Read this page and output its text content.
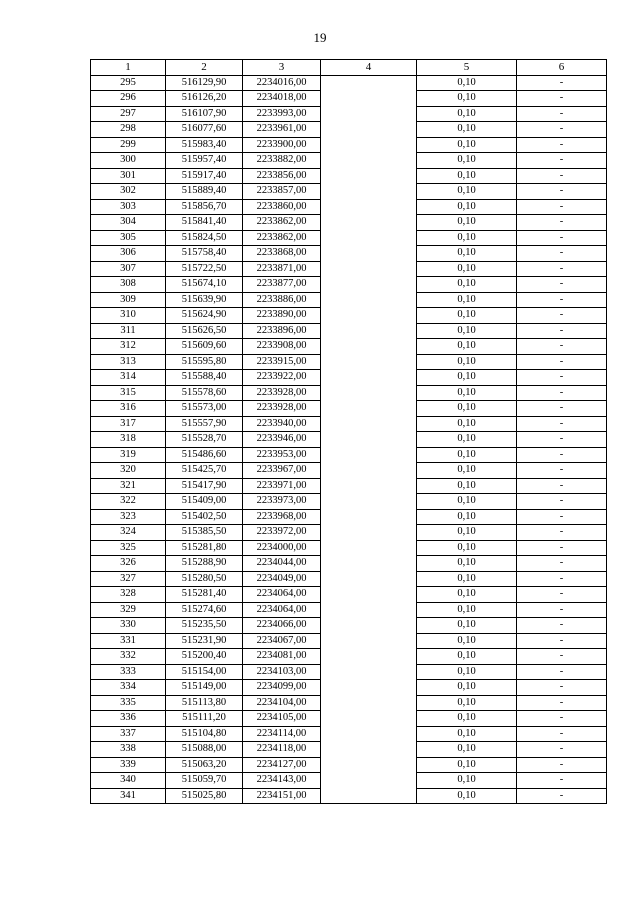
19
1	2	3	4	5	6
295	516129,90	2234016,00		0,10	-
296	516126,20	2234018,00		0,10	-
297	516107,90	2233993,00		0,10	-
298	516077,60	2233961,00		0,10	-
299	515983,40	2233900,00		0,10	-
300	515957,40	2233882,00		0,10	-
301	515917,40	2233856,00		0,10	-
302	515889,40	2233857,00		0,10	-
303	515856,70	2233860,00		0,10	-
304	515841,40	2233862,00		0,10	-
305	515824,50	2233862,00		0,10	-
306	515758,40	2233868,00		0,10	-
307	515722,50	2233871,00		0,10	-
308	515674,10	2233877,00		0,10	-
309	515639,90	2233886,00		0,10	-
310	515624,90	2233890,00		0,10	-
311	515626,50	2233896,00		0,10	-
312	515609,60	2233908,00		0,10	-
313	515595,80	2233915,00		0,10	-
314	515588,40	2233922,00		0,10	-
315	515578,60	2233928,00		0,10	-
316	515573,00	2233928,00		0,10	-
317	515557,90	2233940,00		0,10	-
318	515528,70	2233946,00		0,10	-
319	515486,60	2233953,00		0,10	-
320	515425,70	2233967,00		0,10	-
321	515417,90	2233971,00		0,10	-
322	515409,00	2233973,00		0,10	-
323	515402,50	2233968,00		0,10	-
324	515385,50	2233972,00		0,10	-
325	515281,80	2234000,00		0,10	-
326	515288,90	2234044,00		0,10	-
327	515280,50	2234049,00		0,10	-
328	515281,40	2234064,00		0,10	-
329	515274,60	2234064,00		0,10	-
330	515235,50	2234066,00		0,10	-
331	515231,90	2234067,00		0,10	-
332	515200,40	2234081,00		0,10	-
333	515154,00	2234103,00		0,10	-
334	515149,00	2234099,00		0,10	-
335	515113,80	2234104,00		0,10	-
336	515111,20	2234105,00		0,10	-
337	515104,80	2234114,00		0,10	-
338	515088,00	2234118,00		0,10	-
339	515063,20	2234127,00		0,10	-
340	515059,70	2234143,00		0,10	-
341	515025,80	2234151,00		0,10	-
